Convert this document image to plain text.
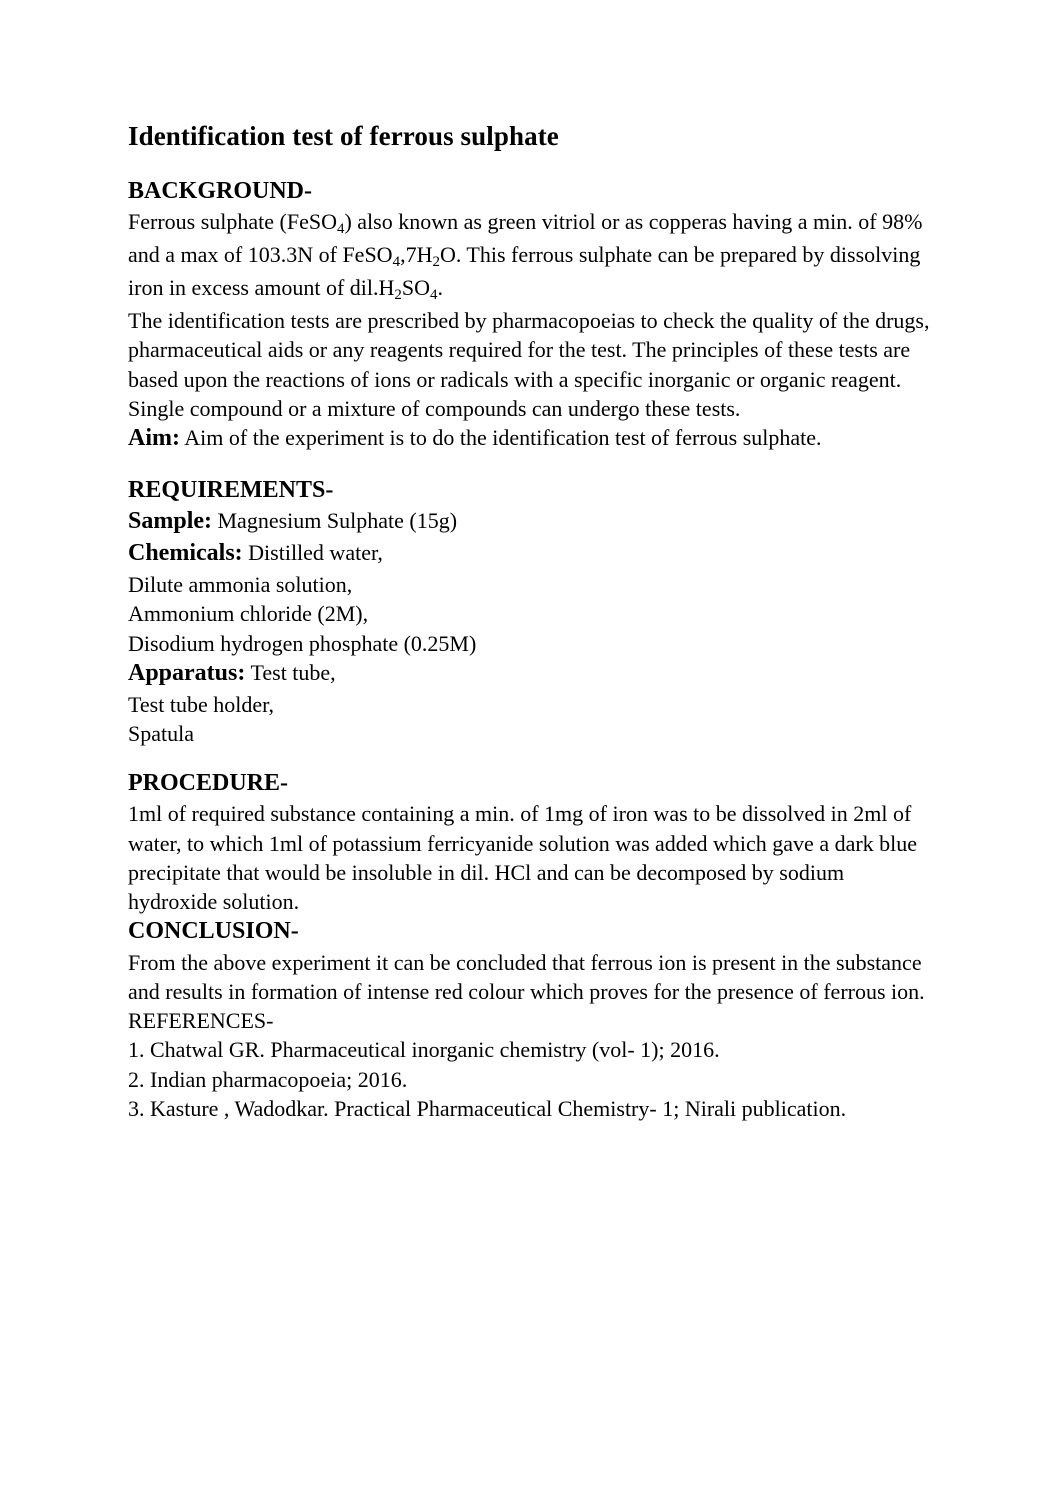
Identification test of ferrous sulphate
BACKGROUND-

Ferrous sulphate (FeSO$_4$) also known as green vitriol or as copperas having a min. of 98% and a max of 103.3N of $FeSO_4,7H_2O$. This ferrous sulphate can be prepared by dissolving iron in excess amount of $dil.H_2SO_4$.

The identification tests are prescribed by pharmacopoeias to check the quality of the drugs, pharmaceutical aids or any reagents required for the test. The principles of these tests are based upon the reactions of ions or radicals with a specific inorganic or organic reagent. Single compound or a mixture of compounds can undergo these tests.

Aim: Aim of the experiment is to do the identification test of ferrous sulphate.

REQUIREMENTS-

Sample: Magnesium Sulphate (15g)

Chemicals: Distilled water,

Dilute ammonia solution,

Ammonium chloride (2M),

Disodium hydrogen phosphate (0.25M)

Apparatus: Test tube,

Test tube holder,

Spatula

PROCEDURE-

1ml of required substance containing a min. of 1mg of iron was to be dissolved in 2ml of water, to which 1ml of potassium ferricyanide solution was added which gave a dark blue precipitate that would be insoluble in dil. HCl and can be decomposed by sodium hydroxide solution.

CONCLUSION-

From the above experiment it can be concluded that ferrous ion is present in the substance and results in formation of intense red colour which proves for the presence of ferrous ion.

REFERENCES-

1. Chatwal GR. Pharmaceutical inorganic chemistry (vol- 1); 2016.

2. Indian pharmacopoeia; 2016.

3. Kasture , Wadodkar. Practical Pharmaceutical Chemistry- 1; Nirali publication.
